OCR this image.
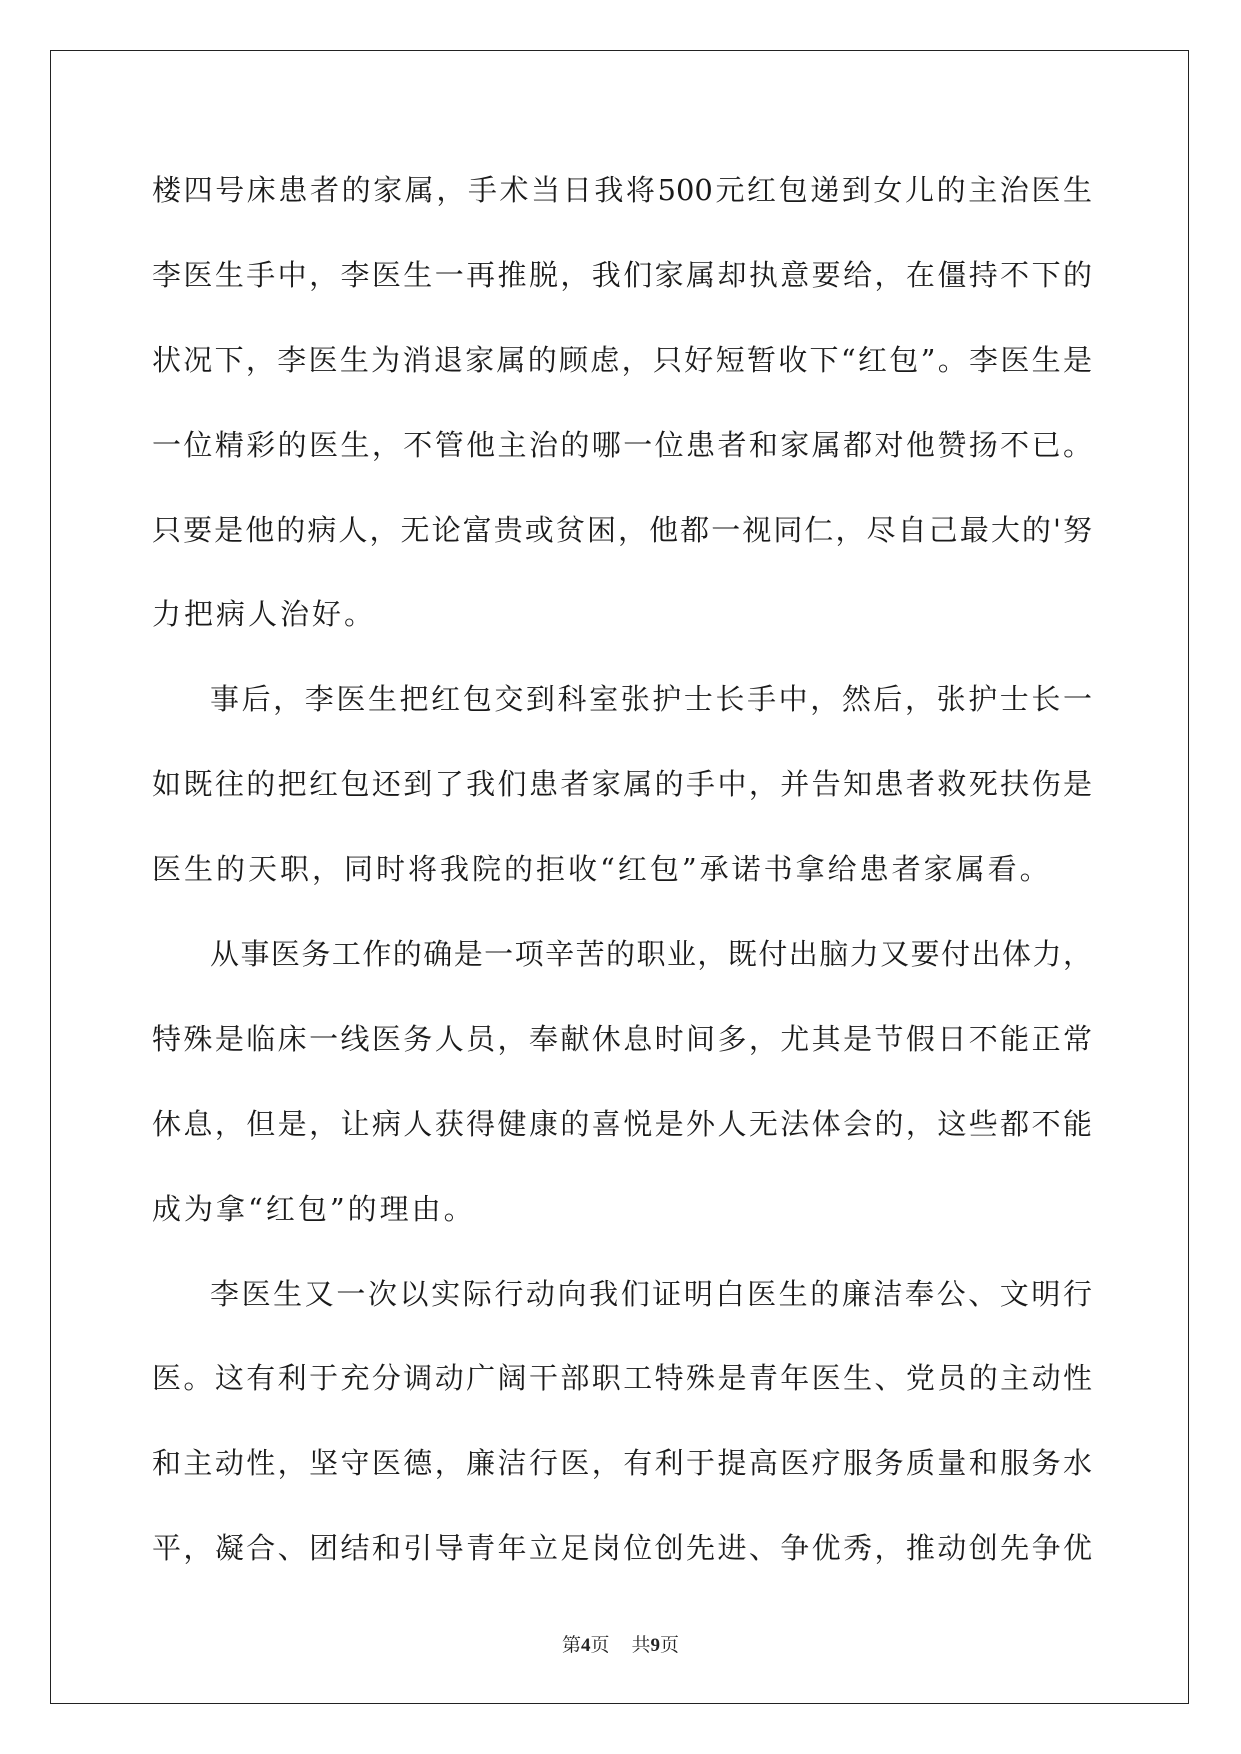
楼四号床患者的家属，手术当日我将500元红包递到女儿的主治医生
李医生手中，李医生一再推脱，我们家属却执意要给，在僵持不下的
状况下，李医生为消退家属的顾虑，只好短暂收下“红包”。李医生是
一位精彩的医生，不管他主治的哪一位患者和家属都对他赞扬不已。
只要是他的病人，无论富贵或贫困，他都一视同仁，尽自己最大的'努
力把病人治好。
事后，李医生把红包交到科室张护士长手中，然后，张护士长一
如既往的把红包还到了我们患者家属的手中，并告知患者救死扶伤是
医生的天职，同时将我院的拒收“红包”承诺书拿给患者家属看。
从事医务工作的确是一项辛苦的职业，既付出脑力又要付出体力，
特殊是临床一线医务人员，奉献休息时间多，尤其是节假日不能正常
休息，但是，让病人获得健康的喜悦是外人无法体会的，这些都不能
成为拿“红包”的理由。
李医生又一次以实际行动向我们证明白医生的廉洁奉公、文明行
医。这有利于充分调动广阔干部职工特殊是青年医生、党员的主动性
和主动性，坚守医德，廉洁行医，有利于提高医疗服务质量和服务水
平，凝合、团结和引导青年立足岗位创先进、争优秀，推动创先争优
第4页 共9页
